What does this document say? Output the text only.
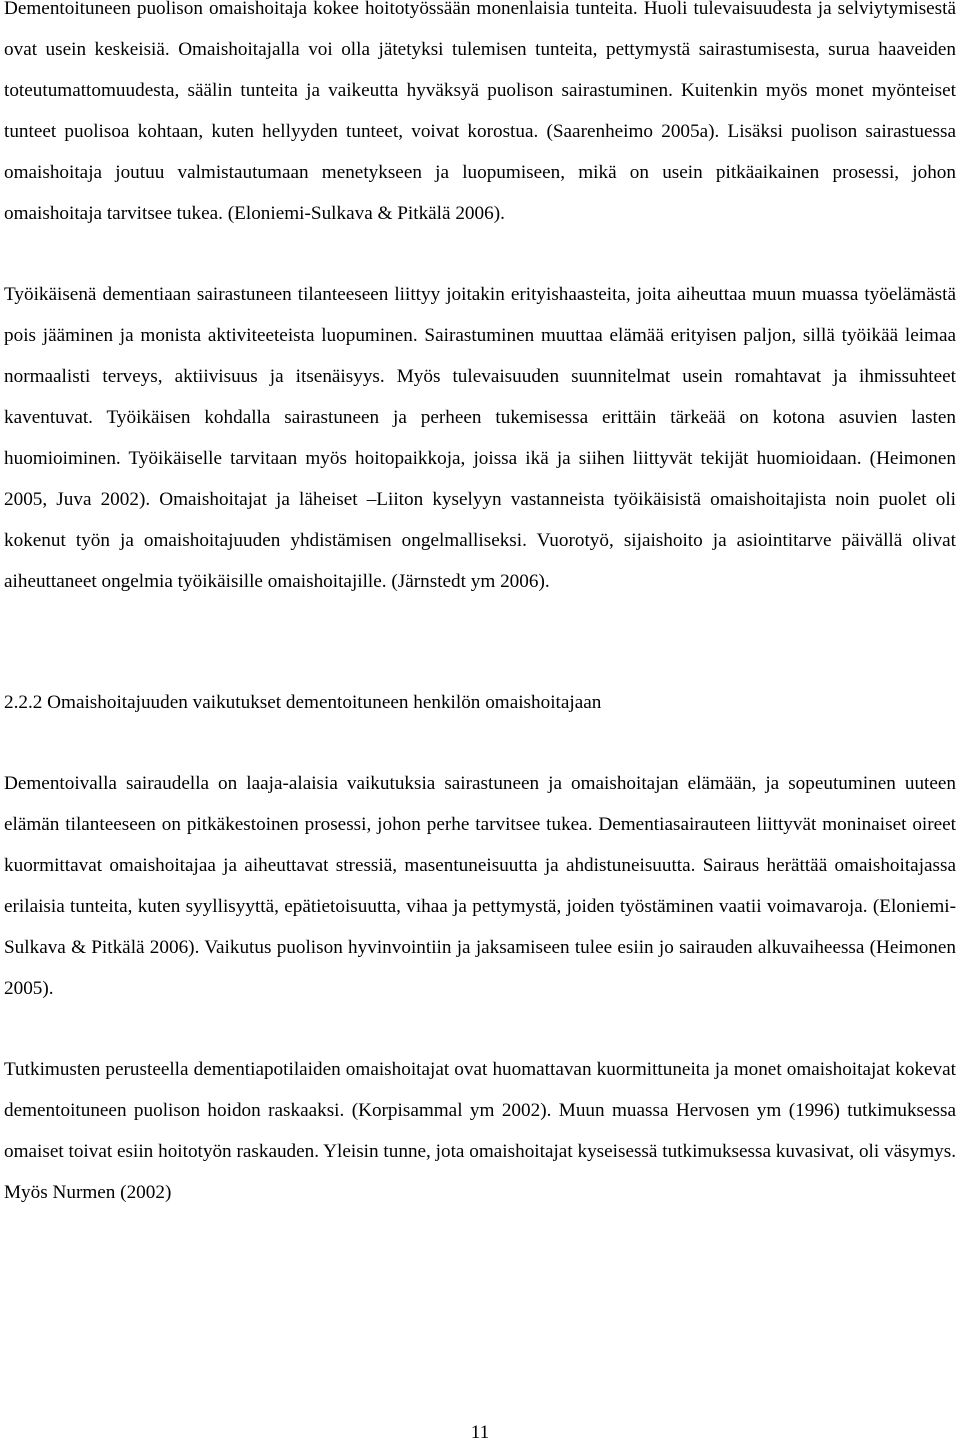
Dementoituneen puolison omaishoitaja kokee hoitotyössään monenlaisia tunteita. Huoli tulevaisuudesta ja selviytymisestä ovat usein keskeisiä. Omaishoitajalla voi olla jätetyksi tulemisen tunteita, pettymystä sairastumisesta, surua haaveiden toteutumattomuudesta, säälin tunteita ja vaikeutta hyväksyä puolison sairastuminen. Kuitenkin myös monet myönteiset tunteet puolisoa kohtaan, kuten hellyyden tunteet, voivat korostua. (Saarenheimo 2005a). Lisäksi puolison sairastuessa omaishoitaja joutuu valmistautumaan menetykseen ja luopumiseen, mikä on usein pitkäaikainen prosessi, johon omaishoitaja tarvitsee tukea. (Eloniemi-Sulkava & Pitkälä 2006).

Työikäisenä dementiaan sairastuneen tilanteeseen liittyy joitakin erityishaasteita, joita aiheuttaa muun muassa työelämästä pois jääminen ja monista aktiviteeteista luopuminen. Sairastuminen muuttaa elämää erityisen paljon, sillä työikää leimaa normaalisti terveys, aktiivisuus ja itsenäisyys. Myös tulevaisuuden suunnitelmat usein romahtavat ja ihmissuhteet kaventuvat. Työikäisen kohdalla sairastuneen ja perheen tukemisessa erittäin tärkeää on kotona asuvien lasten huomioiminen. Työikäiselle tarvitaan myös hoitopaikkoja, joissa ikä ja siihen liittyvät tekijät huomioidaan. (Heimonen 2005, Juva 2002). Omaishoitajat ja läheiset –Liiton kyselyyn vastanneista työikäisistä omaishoitajista noin puolet oli kokenut työn ja omaishoitajuuden yhdistämisen ongelmalliseksi. Vuorotyö, sijaishoito ja asiointitarve päivällä olivat aiheuttaneet ongelmia työikäisille omaishoitajille. (Järnstedt ym 2006).

2.2.2 Omaishoitajuuden vaikutukset dementoituneen henkilön omaishoitajaan

Dementoivalla sairaudella on laaja-alaisia vaikutuksia sairastuneen ja omaishoitajan elämään, ja sopeutuminen uuteen elämän tilanteeseen on pitkäkestoinen prosessi, johon perhe tarvitsee tukea. Dementiasairauteen liittyvät moninaiset oireet kuormittavat omaishoitajaa ja aiheuttavat stressiä, masentuneisuutta ja ahdistuneisuutta. Sairaus herättää omaishoitajassa erilaisia tunteita, kuten syyllisyyttä, epätietoisuutta, vihaa ja pettymystä, joiden työstäminen vaatii voimavaroja. (Eloniemi-Sulkava & Pitkälä 2006). Vaikutus puolison hyvinvointiin ja jaksamiseen tulee esiin jo sairauden alkuvaiheessa (Heimonen 2005).

Tutkimusten perusteella dementiapotilaiden omaishoitajat ovat huomattavan kuormittuneita ja monet omaishoitajat kokevat dementoituneen puolison hoidon raskaaksi. (Korpisammal ym 2002). Muun muassa Hervosen ym (1996) tutkimuksessa omaiset toivat esiin hoitotyön raskauden. Yleisin tunne, jota omaishoitajat kyseisessä tutkimuksessa kuvasivat, oli väsymys. Myös Nurmen (2002)

11
